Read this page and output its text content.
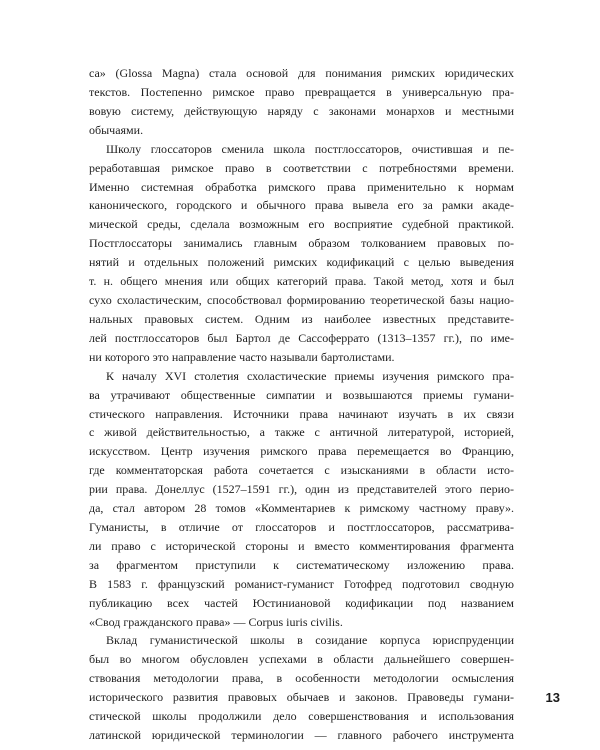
са» (Glossa Magna) стала основой для понимания римских юридических
текстов. Постепенно римское право превращается в универсальную пра-
вовую систему, действующую наряду с законами монархов и местными
обычаями.
Школу глоссаторов сменила школа постглоссаторов, очистившая и пе-
реработавшая римское право в соответствии с потребностями времени.
Именно системная обработка римского права применительно к нормам
канонического, городского и обычного права вывела его за рамки акаде-
мической среды, сделала возможным его восприятие судебной практикой.
Постглоссаторы занимались главным образом толкованием правовых по-
нятий и отдельных положений римских кодификаций с целью выведения
т. н. общего мнения или общих категорий права. Такой метод, хотя и был
сухо схоластическим, способствовал формированию теоретической базы нацио-
нальных правовых систем. Одним из наиболее известных представите-
лей постглоссаторов был Бартол де Сассоферрато (1313–1357 гг.), по име-
ни которого это направление часто называли бартолистами.
К началу XVI столетия схоластические приемы изучения римского пра-
ва утрачивают общественные симпатии и возвышаются приемы гумани-
стического направления. Источники права начинают изучать в их связи
с живой действительностью, а также с античной литературой, историей,
искусством. Центр изучения римского права перемещается во Францию,
где комментаторская работа сочетается с изысканиями в области исто-
рии права. Донеллус (1527–1591 гг.), один из представителей этого перио-
да, стал автором 28 томов «Комментариев к римскому частному праву».
Гуманисты, в отличие от глоссаторов и постглоссаторов, рассматрива-
ли право с исторической стороны и вместо комментирования фрагмента
за фрагментом приступили к систематическому изложению права.
В 1583 г. французский романист-гуманист Готофред подготовил сводную
публикацию всех частей Юстиниановой кодификации под названием
«Свод гражданского права» — Corpus iuris civilis.
Вклад гуманистической школы в созидание корпуса юриспруденции
был во многом обусловлен успехами в области дальнейшего совершен-
ствования методологии права, в особенности методологии осмысления
исторического развития правовых обычаев и законов. Правоведы гумани-
стической школы продолжили дело совершенствования и использования
латинской юридической терминологии — главного рабочего инструмента
13
